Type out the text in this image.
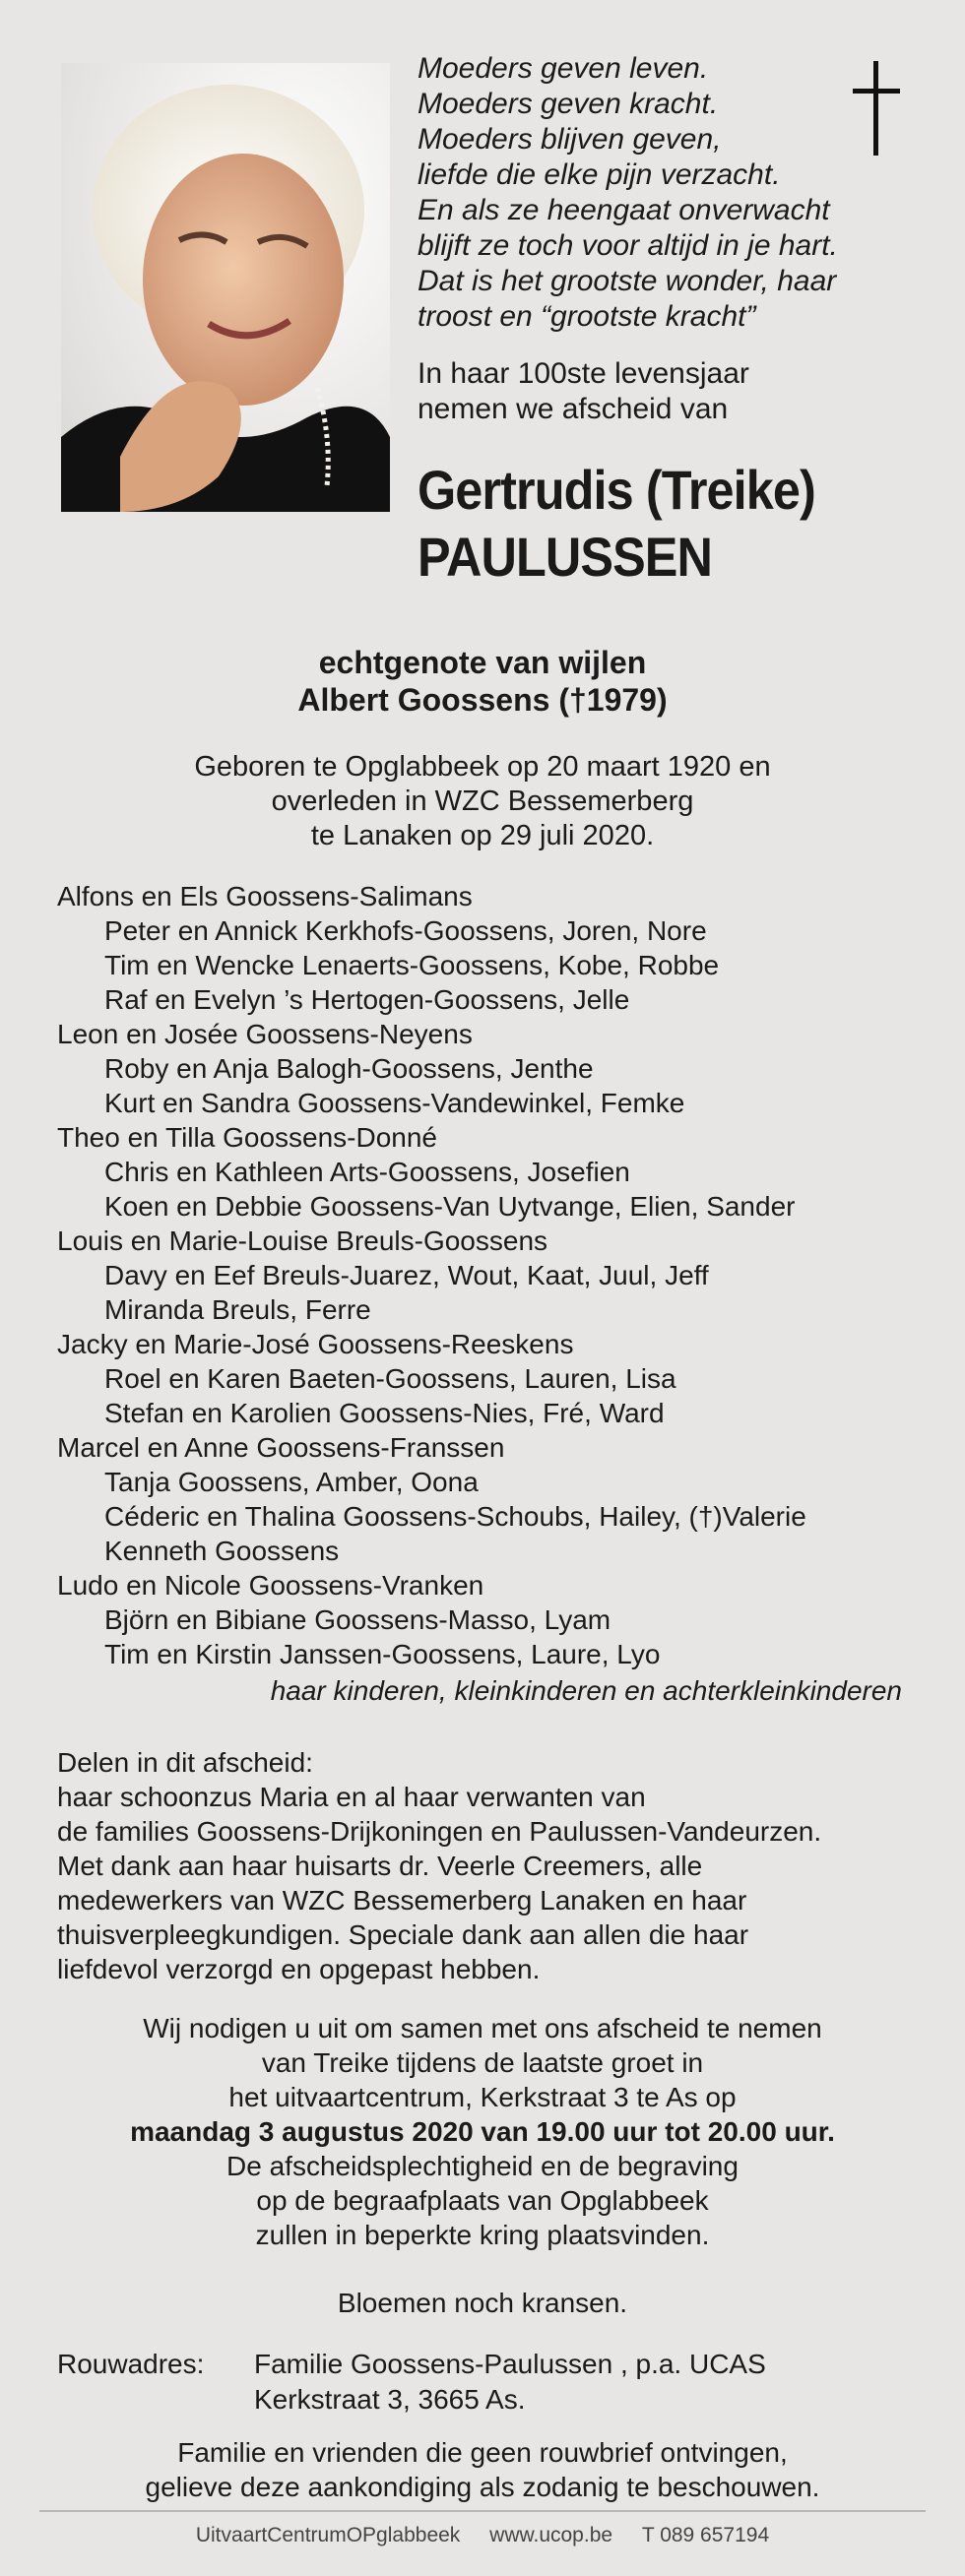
Moeders geven leven.
Moeders geven kracht.
Moeders blijven geven,
liefde die elke pijn verzacht.
En als ze heengaat onverwacht
blijft ze toch voor altijd in je hart.
Dat is het grootste wonder, haar
troost en “grootste kracht”
In haar 100ste levensjaar
nemen we afscheid van
Gertrudis (Treike)
PAULUSSEN
echtgenote van wijlen
Albert Goossens (†1979)
Geboren te Opglabbeek op 20 maart 1920 en
overleden in WZC Bessemerberg
te Lanaken op 29 juli 2020.
Alfons en Els Goossens-Salimans
Peter en Annick Kerkhofs-Goossens, Joren, Nore
Tim en Wencke Lenaerts-Goossens, Kobe, Robbe
Raf en Evelyn ’s Hertogen-Goossens, Jelle
Leon en Josée Goossens-Neyens
Roby en Anja Balogh-Goossens, Jenthe
Kurt en Sandra Goossens-Vandewinkel, Femke
Theo en Tilla Goossens-Donné
Chris en Kathleen Arts-Goossens, Josefien
Koen en Debbie Goossens-Van Uytvange, Elien, Sander
Louis en Marie-Louise Breuls-Goossens
Davy en Eef Breuls-Juarez, Wout, Kaat, Juul, Jeff
Miranda Breuls, Ferre
Jacky en Marie-José Goossens-Reeskens
Roel en Karen Baeten-Goossens, Lauren, Lisa
Stefan en Karolien Goossens-Nies, Fré, Ward
Marcel en Anne Goossens-Franssen
Tanja Goossens, Amber, Oona
Céderic en Thalina Goossens-Schoubs, Hailey, (†)Valerie
Kenneth Goossens
Ludo en Nicole Goossens-Vranken
Björn en Bibiane Goossens-Masso, Lyam
Tim en Kirstin Janssen-Goossens, Laure, Lyo
haar kinderen, kleinkinderen en achterkleinkinderen
Delen in dit afscheid:
haar schoonzus Maria en al haar verwanten van
de families Goossens-Drijkoningen en Paulussen-Vandeurzen.
Met dank aan haar huisarts dr. Veerle Creemers, alle
medewerkers van WZC Bessemerberg Lanaken en haar
thuisverpleegkundigen. Speciale dank aan allen die haar
liefdevol verzorgd en opgepast hebben.
Wij nodigen u uit om samen met ons afscheid te nemen
van Treike tijdens de laatste groet in
het uitvaartcentrum, Kerkstraat 3 te As op
maandag 3 augustus 2020 van 19.00 uur tot 20.00 uur.
De afscheidsplechtigheid en de begraving
op de begraafplaats van Opglabbeek
zullen in beperkte kring plaatsvinden.
Bloemen noch kransen.
Rouwadres: Familie Goossens-Paulussen , p.a. UCAS
Kerkstraat 3, 3665 As.
Familie en vrienden die geen rouwbrief ontvingen,
gelieve deze aankondiging als zodanig te beschouwen.
UitvaartCentrumOPglabbeek www.ucop.be T 089 657194
